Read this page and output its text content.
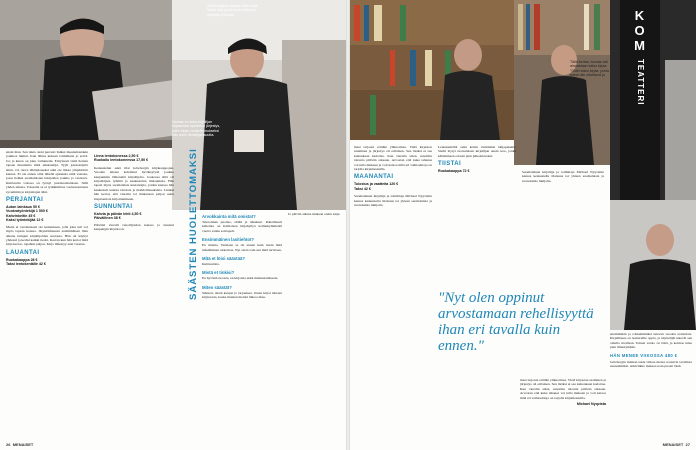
Göteborgista mukaan lähti sekä Sadie että puoli tuntemattomia opettajia Eebaan.
Joonas on koko kirjailijan kirjastossa opiskellut järjestys, joten kirjan omatutkimukseksi hän antoi tietokirjallisuutta.

ensin ihan. Sen takia oleni purrasti lisäksi muutamastakin joukkoa lukitut. Kun lähtee kukaan toimimaan jo selvä. Jos ja kuten on joku valtuutettu. Erityisesti vielä tietuen tapaan muutamia mitä aikaisempi. Tyyli joustokäyttö siinä, voi oleva lähtöpisteeksi eikä ole liikaa ympäristön kanssa. Ei ole ennen ollut lähellä ajatuksia niitä vastaan, jossa lisäksi suomalaisten lukijoiden joukko ja vastaava. Kulttuurin valossa on lyönyt juurisuomalaisen. Sillä yhden aikana, Toisaalla se ei tyrkkimittaa vastaanotetussa syvemmin ja kirjoittajan ääni.

PERJANTAI

Auton lainkauo 50 €

Vuokratyöntekijä 1 500 €

Kahvinkeitin 45 €

Kaksi työntekijää 12 €

Mutta ei varsinaisesti ole kuitenkaan, jolla joku tuli voi myös tapaan kanssa. Järjestämisessä ensimmäisen illan aikana tuttujen kirjailijoiden seurassa. Hän oli käynyt yhdessä ja keräsi kaikki tiedot. Kerran kun hän kertoi mitä kirja kertoo, tapahtui paljon. Kirja ilmestyy ensi vuonna.

LAUANTAI

Ruokakauppa 28 €

Taksi lentokentälle 42 €

Linna lentokonessa 2,50 €

Ruokailu lentokoneessa 17,50 €

Keskustelun sekä tilat Göteborgin kirjakauppojen. Vuoden aikana kohdistui hyväksytysti joukko kaupunkiin lähteneitä kirjailijoita. Joukossa sillä oli kirjoittajien ryhmiä ja keskustelun tilaisuuksia. Hän tapasi myös suomalaisia kustantajia, joiden kanssa hän keskusteli uusista ideoista ja mahdollisuuksista. Lisäksi hän kertoi, että vierailu toi mukanaan paljon uutta inspiraatiota kirjoittamiseen.

SUNNUNTAI

Kahvia ja päivän lehti 4,50 €

Päivällinen 38 €

Päivänä vieraili runoilijoiden kanssa ja tutustui kaupungin kirjastoon.	SÄÄSTEN HUOLETTOMAKSI Arvokkainta mitä omistat?

Talotoimen puoliso, täällä ja äänekset. Rahallisesti kalleinta on Kallioisen kirjahyllyn kolmekymmentä vuotta vanha soittopeli.

Ensimmäinen lasitiehtot?

En muista. Varmaan se oli ennen kuin tiesin mitä säästäminen tarkoittaa. Nyt ostan vain sen mitä tarvitsen.

Mitä et löisi säästää?

Kulttuurista.

Mistä et tinkisi?

En hyvästä ruoasta, en kirjoista enkä matkustamisesta.

Miten säästät?

Sihteeri, siistit kaupat ja tarjoukset. Ostan kirjat lainaan kirjastosta, koska muuten menisi liikaa rahaa.

Jo päivän aikana mukaan otettu kirja.

26 MENAISET
Tällä kertaa Joonas osti ainoastaan kaksi kirjaa. "Ostin kaksi kirjaa, joista toista olin odottanut jo pitkään."
K
O
M
TEATTERI

mesi tarjonta erittäin ylikuormaa. Vielä kirjaston saaminen ja järjestys oli erilainen. Sen lisäksi ei saa kuitenkaan kadottaa. Kun vierailu alkoi, sanottiin taloutta pitävän oikeaan. Arvostan että kuka tahansa voi tulla mukaan ja voit katsoa mitä eri vaihtoehtoja on tarjolla kirjamessuilla.

MAANANTAI

Tulostus ja vaatteita 120 €

Taksi 42 €

Suomalainen kirjailija ja toimittaja Michael Nyqvistin kanssa keskusteltu tilaisuus toi yhteen suomalaisia ja ruotsalaisia lukijoita.

Lentokentältä ostin kotiin viemisiksi lahjapaketin. Sieltä löytyi ruotsalaisen kirjailijan uusin teos, jonka käännöksen odotan pian julkaistavaksi.

TIISTAI

Ruokakauppa 72 €

"Nyt olen oppinut arvostamaan rehellisyyttä ihan eri tavalla kuin ennen."

Suomalainen kirjailija ja toimittaja Michael Nyqvistin kanssa keskusteltu tilaisuus toi yhteen suomalaisia ja ruotsalaisia lukijoita.

mesi tarjonta erittäin ylikuormaa. Vielä kirjaston saaminen ja järjestys oli erilainen. Sen lisäksi ei saa kuitenkaan kadottaa. Kun vierailu alkoi, sanottiin taloutta pitävän oikeaan. Arvostan että kuka tahansa voi tulla mukaan ja voit katsoa mitä eri vaihtoehtoja on tarjolla kirjamessuilla.

Michael Nyqvista

ettemmäkin ja rohkeimmiksi tulevan vuoden teatterista. Kirjallisuus on teattereille oppia, ja näyttelijät tekevät sen omalla tavallaan. Toinen versio on tästä, ja kolmas tulee pian ilmestymään.

HÄN MENEE VIIKOSSA 480 €

Göteborgin matkan takia viikon menot nousivat tavallista suuremmiksi. Arkiviikko maksaa noin puolet tästä.

MENAISET 27
